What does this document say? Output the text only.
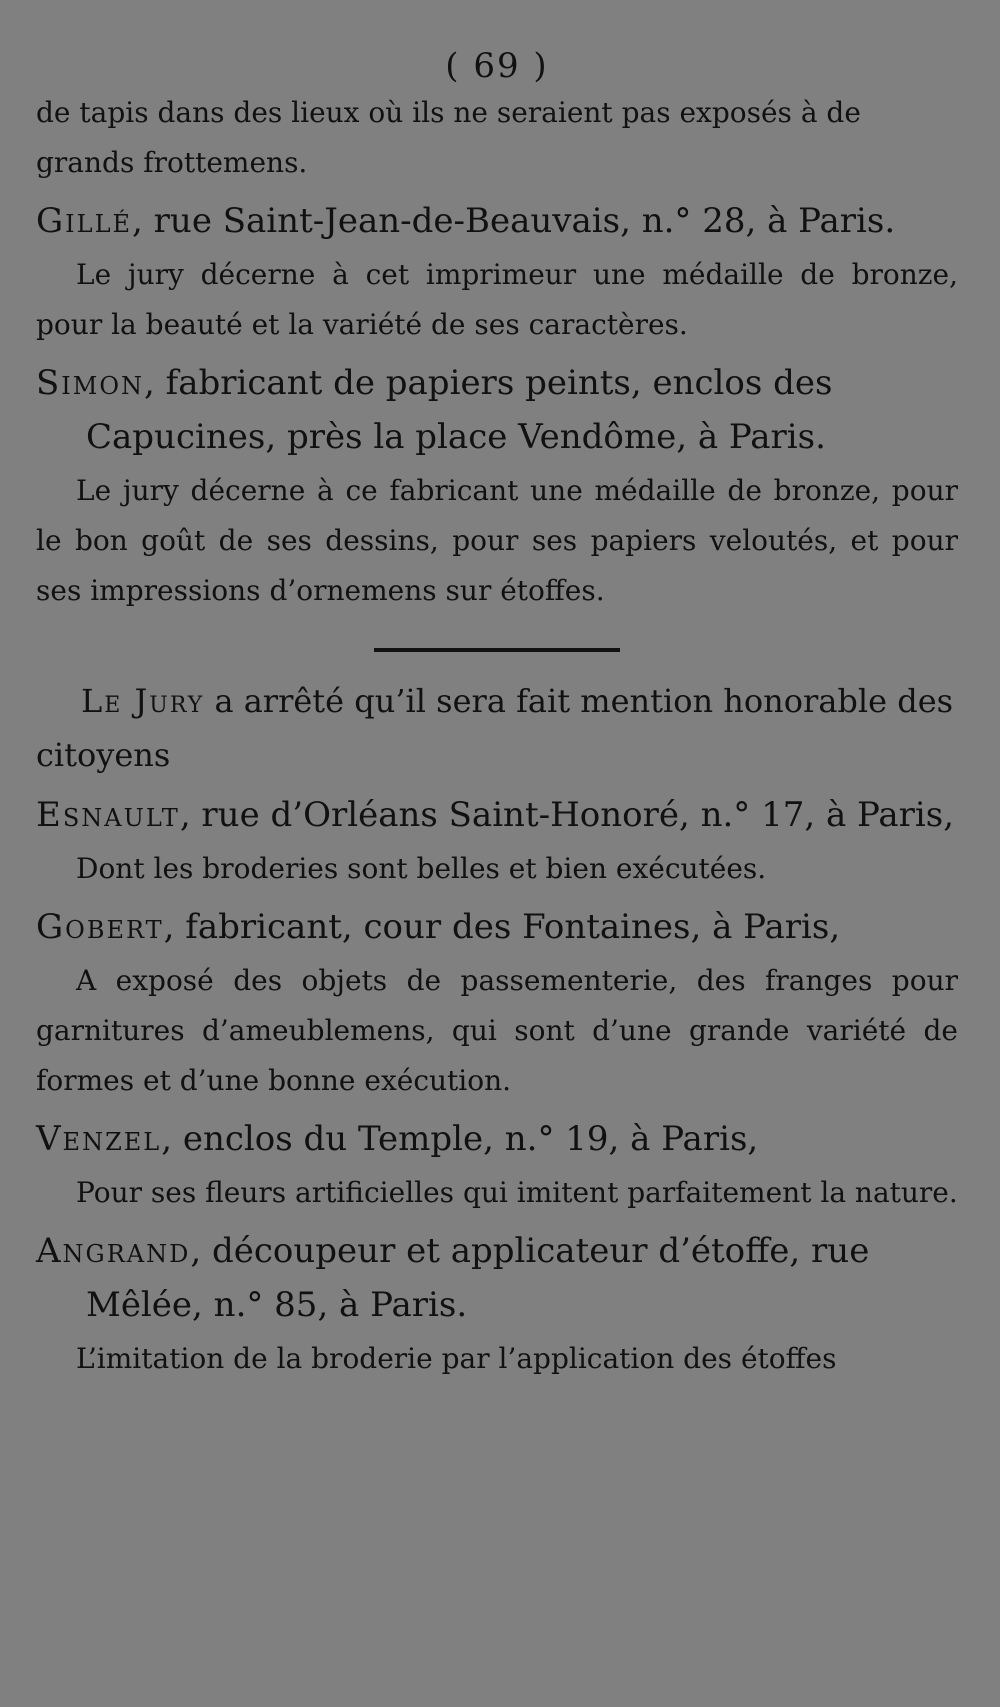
( 69 )
de tapis dans des lieux où ils ne seraient pas exposés à de grands frottemens.
Gillé, rue Saint-Jean-de-Beauvais, n.° 28, à Paris.
Le jury décerne à cet imprimeur une médaille de bronze, pour la beauté et la variété de ses caractères.
Simon, fabricant de papiers peints, enclos des Capucines, près la place Vendôme, à Paris.
Le jury décerne à ce fabricant une médaille de bronze, pour le bon goût de ses dessins, pour ses papiers veloutés, et pour ses impressions d’ornemens sur étoffes.
Le Jury a arrêté qu’il sera fait mention honorable des citoyens
Esnault, rue d’Orléans Saint-Honoré, n.° 17, à Paris,
Dont les broderies sont belles et bien exécutées.
Gobert, fabricant, cour des Fontaines, à Paris,
A exposé des objets de passementerie, des franges pour garnitures d’ameublemens, qui sont d’une grande variété de formes et d’une bonne exécution.
Venzel, enclos du Temple, n.° 19, à Paris,
Pour ses fleurs artificielles qui imitent parfaitement la nature.
Angrand, découpeur et applicateur d’étoffe, rue Mêlée, n.° 85, à Paris.
L’imitation de la broderie par l’application des étoffes
